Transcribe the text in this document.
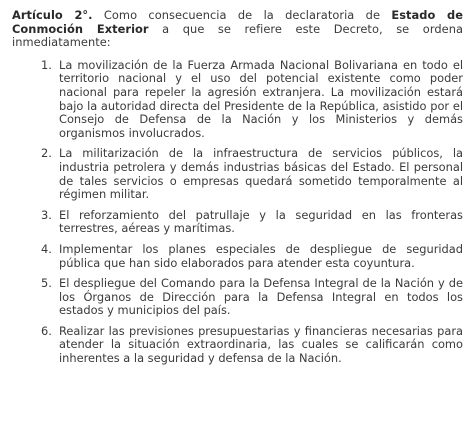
Artículo 2°. Como consecuencia de la declaratoria de Estado de Conmoción Exterior a que se refiere este Decreto, se ordena inmediatamente:

1. La movilización de la Fuerza Armada Nacional Bolivariana en todo el territorio nacional y el uso del potencial existente como poder nacional para repeler la agresión extranjera. La movilización estará bajo la autoridad directa del Presidente de la República, asistido por el Consejo de Defensa de la Nación y los Ministerios y demás organismos involucrados.
2. La militarización de la infraestructura de servicios públicos, la industria petrolera y demás industrias básicas del Estado. El personal de tales servicios o empresas quedará sometido temporalmente al régimen militar.
3. El reforzamiento del patrullaje y la seguridad en las fronteras terrestres, aéreas y marítimas.
4. Implementar los planes especiales de despliegue de seguridad pública que han sido elaborados para atender esta coyuntura.
5. El despliegue del Comando para la Defensa Integral de la Nación y de los Órganos de Dirección para la Defensa Integral en todos los estados y municipios del país.
6. Realizar las previsiones presupuestarias y financieras necesarias para atender la situación extraordinaria, las cuales se calificarán como inherentes a la seguridad y defensa de la Nación.
